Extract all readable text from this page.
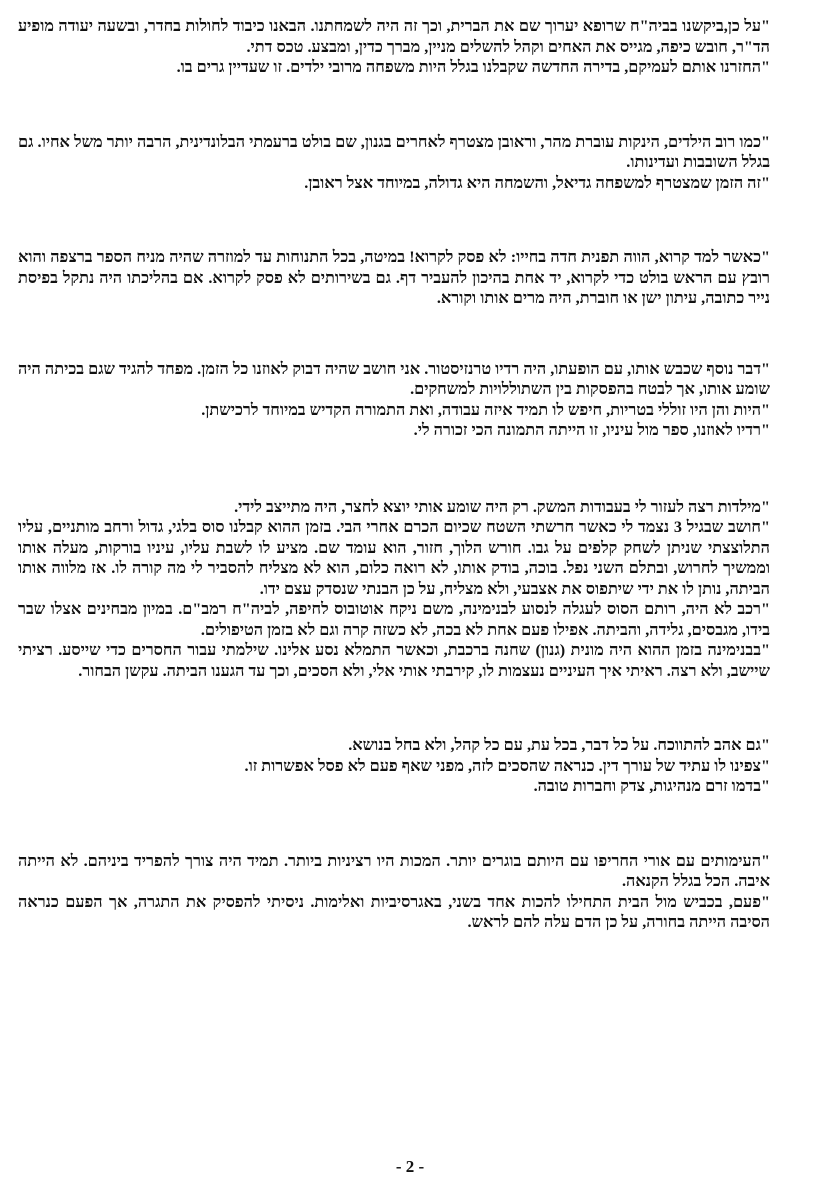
"על כן,ביקשנו בביה"ח שרופא יערוך שם את הברית, וכך זה היה לשמחתנו. הבאנו כיבוד לחולות בחדר, ובשעה יעודה מופיע הד"ר, חובש כיפה, מגייס את האחים וקהל להשלים מניין, מברך כדין, ומבצע. טכס דתי.

"החזרנו אותם לעמיקם, בדירה החדשה שקבלנו בגלל היות משפחה מרובי ילדים. זו שעדיין גרים בו.

"כמו רוב הילדים, הינקות עוברת מהר, וראובן מצטרף לאחרים בגנון, שם בולט ברעמתי הבלונדינית, הרבה יותר משל אחיו. גם בגלל השובבות ועדינותו.

"זה הזמן שמצטרף למשפחה גדיאל, והשמחה היא גדולה, במיוחד אצל ראובן.

"כאשר למד קרוא, הווה תפנית חדה בחייו: לא פסק לקרוא! במיטה, בכל התנוחות עד למוזרה שהיה מניח הספר ברצפה והוא רובץ עם הראש בולט כדי לקרוא, יד אחת בהיכון להעביר דף. גם בשירותים לא פסק לקרוא. אם בהליכתו היה נתקל בפיסת נייר כתובה, עיתון ישן או חוברת, היה מרים אותו וקורא.

"דבר נוסף שכבש אותו, עם הופעתו, היה רדיו טרנזיסטור. אני חושב שהיה דבוק לאוזנו כל הזמן. מפחד להגיד שגם בכיתה היה שומע אותו, אך לבטח בהפסקות בין השתוללויות למשחקים.

"היות והן היו זוללי בטריות, חיפש לו תמיד איזה עבודה, ואת התמורה הקדיש במיוחד לרכישתן.

"רדיו לאוזנו, ספר מול עיניו, זו הייתה התמונה הכי זכורה לי.

"מילדות רצה לעזור לי בעבודות המשק. רק היה שומע אותי יוצא לחצר, היה מתייצב לידי.

"חושב שבגיל 3 נצמד לי כאשר חרשתי השטח שכיום הכרם אחרי הבי. בזמן ההוא קבלנו סוס בלגי, גדול ורחב מותניים, עליו התלוצצתי שניתן לשחק קלפים על גבו. חורש הלוך, חזור, הוא עומד שם. מציע לו לשבת עליו, עיניו בורקות, מעלה אותו וממשיך לחרוש, ובתלם השני נפל. בוכה, בודק אותו, לא רואה כלום, הוא לא מצליח להסביר לי מה קורה לו. אז מלווה אותו הביתה, נותן לו את ידי שיתפוס את אצבעי, ולא מצליח, על כן הבנתי שנסדק עצם ידו.

"רכב לא היה, רותם הסוס לעגלה לנסוע לבנימינה, משם ניקח אוטובוס לחיפה, לביה"ח רמב"ם. במיון מבחינים אצלו שבר בידו, מגבסים, גלידה, והביתה. אפילו פעם אחת לא בכה, לא כשזה קרה וגם לא בזמן הטיפולים.

"בבנימינה בזמן ההוא היה מונית (גנון) שחנה ברכבת, וכאשר התמלא נסע אלינו. שילמתי עבור החסרים כדי שייסע. רציתי שיישב, ולא רצה. ראיתי איך העיניים נעצמות לו, קירבתי אותי אלי, ולא הסכים, וכך עד הגענו הביתה. עקשן הבחור.

"גם אהב להתווכח. על כל דבר, בכל עת, עם כל קהל, ולא בחל בנושא.

"צפינו לו עתיד של עורך דין. כנראה שהסכים לזה, מפני שאף פעם לא פסל אפשרות זו.

"בדמו זרם מנהיגות, צדק וחברות טובה.

"העימותים עם אורי החריפו עם היותם בוגרים יותר. המכות היו רציניות ביותר. תמיד היה צורך להפריד ביניהם. לא הייתה איבה. הכל בגלל הקנאה.

"פעם, בכביש מול הבית התחילו להכות אחד בשני, באגרסיביות ואלימות. ניסיתי להפסיק את התגרה, אך הפעם כנראה הסיבה הייתה בחורה, על כן הדם עלה להם לראש.

- 2 -
